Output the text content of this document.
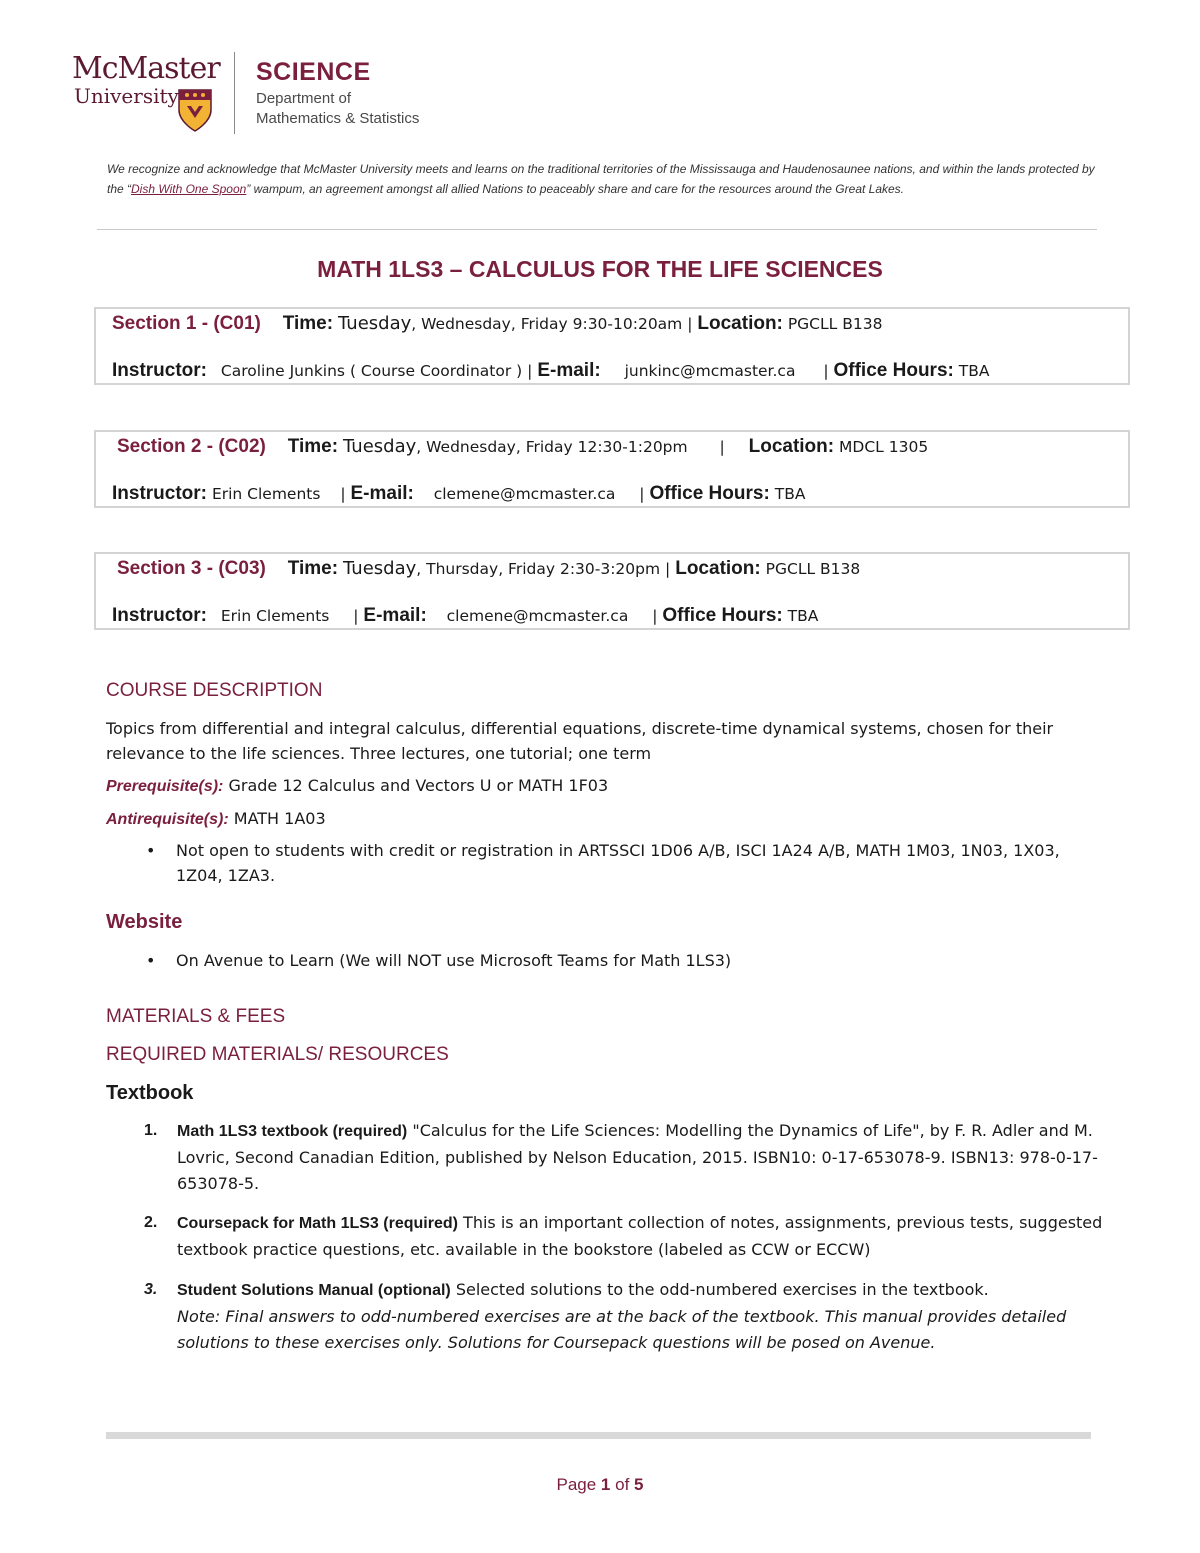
McMaster
University
SCIENCE
Department of
Mathematics & Statistics
We recognize and acknowledge that McMaster University meets and learns on the traditional territories of the Mississauga and Haudenosaunee nations, and within the lands protected by the “Dish With One Spoon” wampum, an agreement amongst all allied Nations to peaceably share and care for the resources around the Great Lakes.
MATH 1LS3 – CALCULUS FOR THE LIFE SCIENCES
Section 1 - (C01) Time: Tuesday, Wednesday, Friday 9:30-10:20am | Location: PGCLL B138
Instructor: Caroline Junkins ( Course Coordinator ) | E-mail: junkinc@mcmaster.ca | Office Hours: TBA
Section 2 - (C02) Time: Tuesday, Wednesday, Friday 12:30-1:20pm | Location: MDCL 1305
Instructor: Erin Clements | E-mail: clemene@mcmaster.ca | Office Hours: TBA
Section 3 - (C03) Time: Tuesday, Thursday, Friday 2:30-3:20pm | Location: PGCLL B138
Instructor: Erin Clements | E-mail: clemene@mcmaster.ca | Office Hours: TBA
COURSE DESCRIPTION
Topics from differential and integral calculus, differential equations, discrete-time dynamical systems, chosen for their relevance to the life sciences. Three lectures, one tutorial; one term
Prerequisite(s): Grade 12 Calculus and Vectors U or MATH 1F03
Antirequisite(s): MATH 1A03
• Not open to students with credit or registration in ARTSSCI 1D06 A/B, ISCI 1A24 A/B, MATH 1M03, 1N03, 1X03, 1Z04, 1ZA3.
Website
• On Avenue to Learn (We will NOT use Microsoft Teams for Math 1LS3)
MATERIALS & FEES
REQUIRED MATERIALS/ RESOURCES
Textbook
1. Math 1LS3 textbook (required) "Calculus for the Life Sciences: Modelling the Dynamics of Life", by F. R. Adler and M. Lovric, Second Canadian Edition, published by Nelson Education, 2015. ISBN10: 0-17-653078-9. ISBN13: 978-0-17-653078-5.
2. Coursepack for Math 1LS3 (required) This is an important collection of notes, assignments, previous tests, suggested textbook practice questions, etc. available in the bookstore (labeled as CCW or ECCW)
3. Student Solutions Manual (optional) Selected solutions to the odd-numbered exercises in the textbook.
Note: Final answers to odd-numbered exercises are at the back of the textbook. This manual provides detailed solutions to these exercises only. Solutions for Coursepack questions will be posed on Avenue.
Page 1 of 5
